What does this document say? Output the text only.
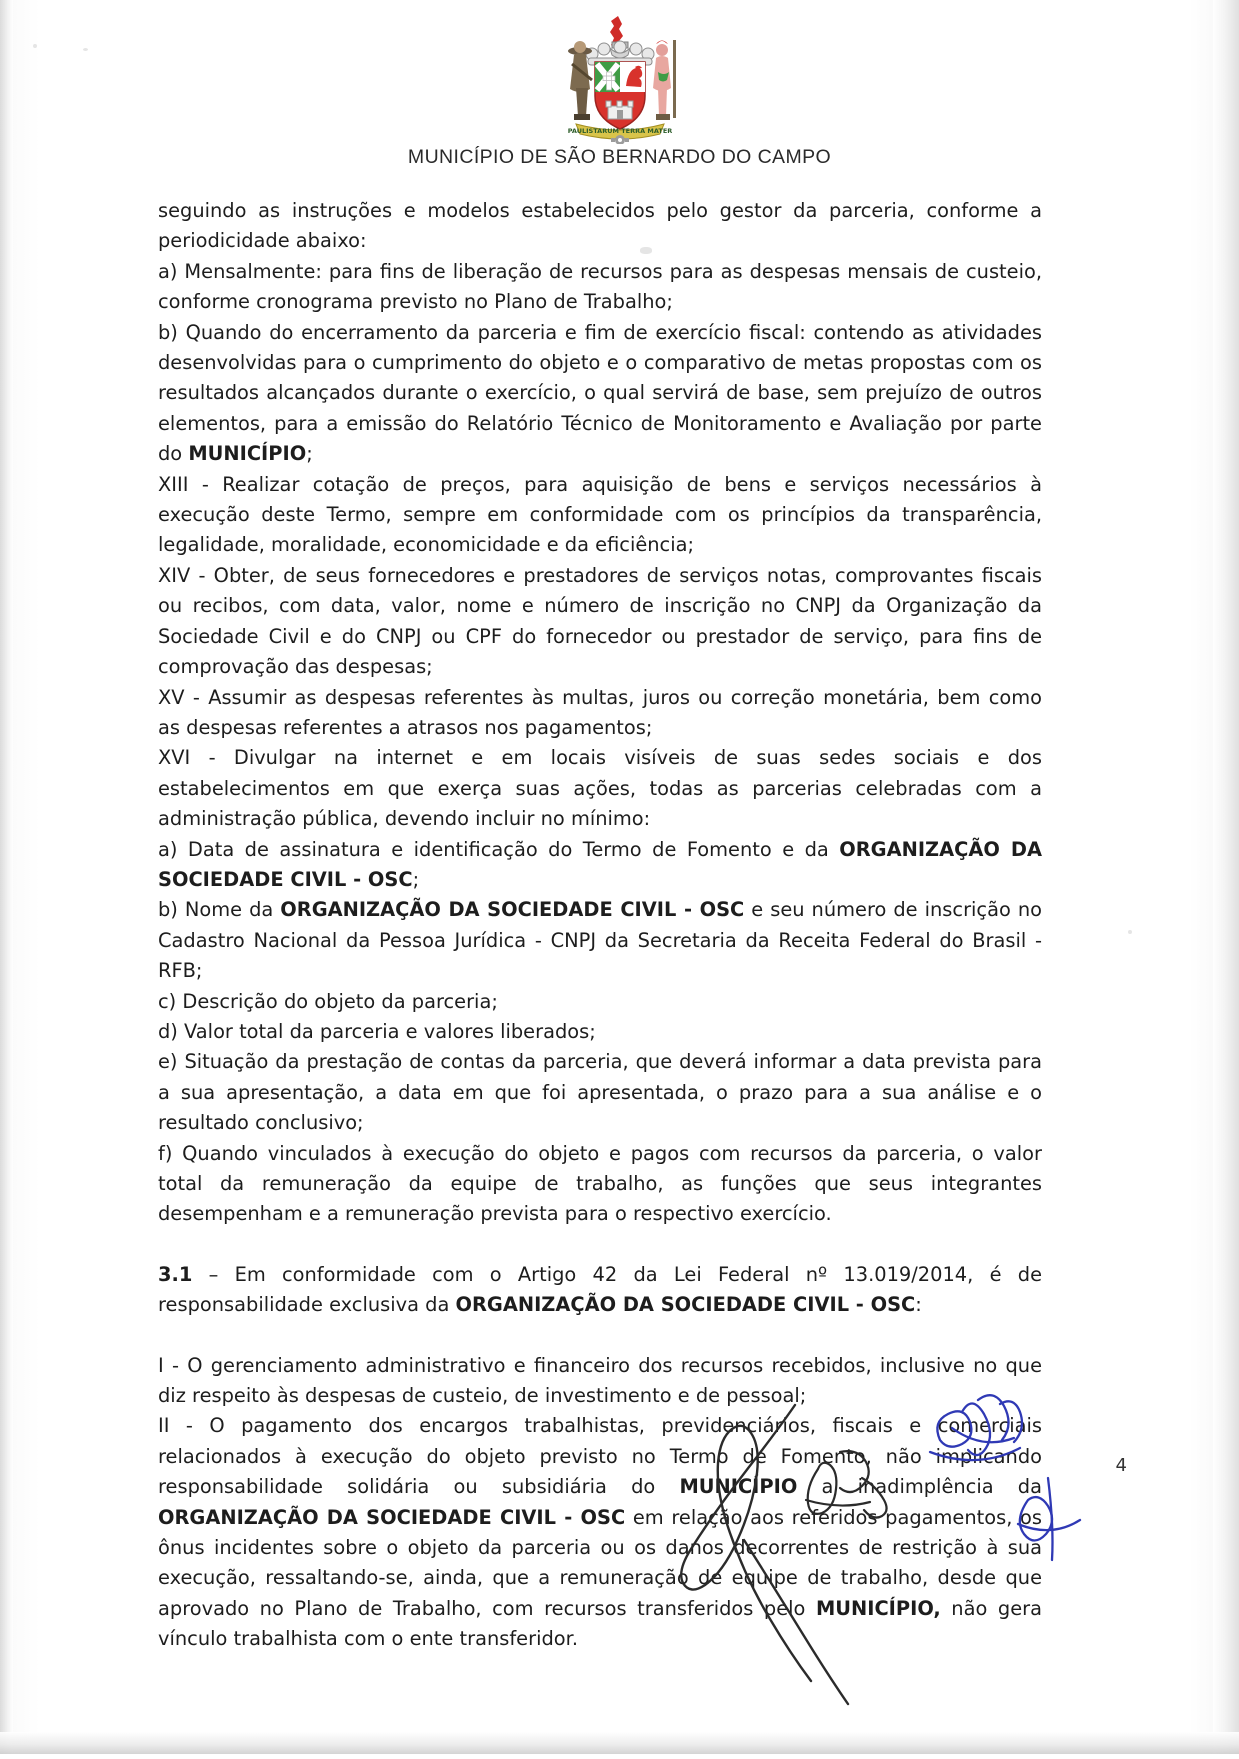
PAULISTARUM TERRA MATER
MUNICÍPIO DE SÃO BERNARDO DO CAMPO

seguindo as instruções e modelos estabelecidos pelo gestor da parceria, conforme a periodicidade abaixo:

a) Mensalmente: para fins de liberação de recursos para as despesas mensais de custeio, conforme cronograma previsto no Plano de Trabalho;

b) Quando do encerramento da parceria e fim de exercício fiscal: contendo as atividades desenvolvidas para o cumprimento do objeto e o comparativo de metas propostas com os resultados alcançados durante o exercício, o qual servirá de base, sem prejuízo de outros elementos, para a emissão do Relatório Técnico de Monitoramento e Avaliação por parte do MUNICÍPIO;

XIII - Realizar cotação de preços, para aquisição de bens e serviços necessários à execução deste Termo, sempre em conformidade com os princípios da transparência, legalidade, moralidade, economicidade e da eficiência;

XIV - Obter, de seus fornecedores e prestadores de serviços notas, comprovantes fiscais ou recibos, com data, valor, nome e número de inscrição no CNPJ da Organização da Sociedade Civil e do CNPJ ou CPF do fornecedor ou prestador de serviço, para fins de comprovação das despesas;

XV - Assumir as despesas referentes às multas, juros ou correção monetária, bem como as despesas referentes a atrasos nos pagamentos;

XVI - Divulgar na internet e em locais visíveis de suas sedes sociais e dos estabelecimentos em que exerça suas ações, todas as parcerias celebradas com a administração pública, devendo incluir no mínimo:

a) Data de assinatura e identificação do Termo de Fomento e da ORGANIZAÇÃO DA SOCIEDADE CIVIL - OSC;

b) Nome da ORGANIZAÇÃO DA SOCIEDADE CIVIL - OSC e seu número de inscrição no Cadastro Nacional da Pessoa Jurídica - CNPJ da Secretaria da Receita Federal do Brasil - RFB;

c) Descrição do objeto da parceria;

d) Valor total da parceria e valores liberados;

e) Situação da prestação de contas da parceria, que deverá informar a data prevista para a sua apresentação, a data em que foi apresentada, o prazo para a sua análise e o resultado conclusivo;

f) Quando vinculados à execução do objeto e pagos com recursos da parceria, o valor total da remuneração da equipe de trabalho, as funções que seus integrantes desempenham e a remuneração prevista para o respectivo exercício.

3.1 – Em conformidade com o Artigo 42 da Lei Federal nº 13.019/2014, é de responsabilidade exclusiva da ORGANIZAÇÃO DA SOCIEDADE CIVIL - OSC:

I - O gerenciamento administrativo e financeiro dos recursos recebidos, inclusive no que diz respeito às despesas de custeio, de investimento e de pessoal;

II - O pagamento dos encargos trabalhistas, previdenciários, fiscais e comerciais relacionados à execução do objeto previsto no Termo de Fomento, não implicando responsabilidade solidária ou subsidiária do MUNICÍPIO a inadimplência da ORGANIZAÇÃO DA SOCIEDADE CIVIL - OSC em relação aos referidos pagamentos, os ônus incidentes sobre o objeto da parceria ou os danos decorrentes de restrição à sua execução, ressaltando-se, ainda, que a remuneração de equipe de trabalho, desde que aprovado no Plano de Trabalho, com recursos transferidos pelo MUNICÍPIO, não gera vínculo trabalhista com o ente transferidor.

4
